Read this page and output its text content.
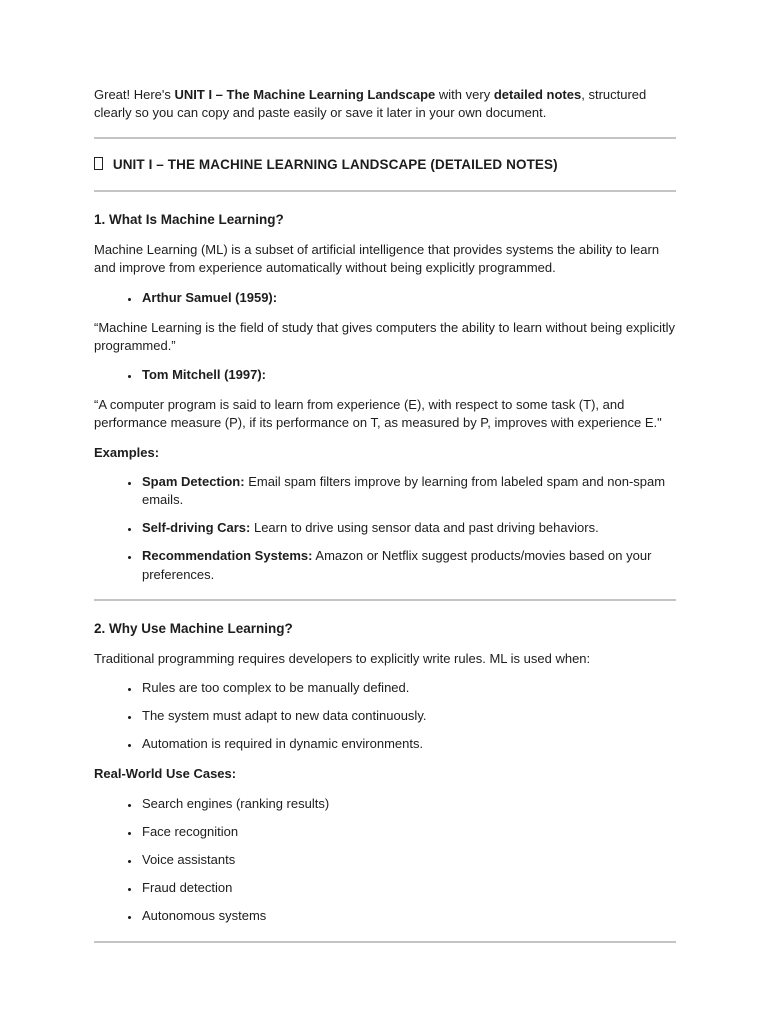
Great! Here's UNIT I – The Machine Learning Landscape with very detailed notes, structured clearly so you can copy and paste easily or save it later in your own document.

UNIT I – THE MACHINE LEARNING LANDSCAPE (DETAILED NOTES)
1. What Is Machine Learning?

Machine Learning (ML) is a subset of artificial intelligence that provides systems the ability to learn and improve from experience automatically without being explicitly programmed.

• Arthur Samuel (1959):

“Machine Learning is the field of study that gives computers the ability to learn without being explicitly programmed.”

• Tom Mitchell (1997):

“A computer program is said to learn from experience (E), with respect to some task (T), and performance measure (P), if its performance on T, as measured by P, improves with experience E."

Examples:

• Spam Detection: Email spam filters improve by learning from labeled spam and non-spam emails.
• Self-driving Cars: Learn to drive using sensor data and past driving behaviors.
• Recommendation Systems: Amazon or Netflix suggest products/movies based on your preferences.
2. Why Use Machine Learning?

Traditional programming requires developers to explicitly write rules. ML is used when:

• Rules are too complex to be manually defined.
• The system must adapt to new data continuously.
• Automation is required in dynamic environments.

Real-World Use Cases:

• Search engines (ranking results)
• Face recognition
• Voice assistants
• Fraud detection
• Autonomous systems
